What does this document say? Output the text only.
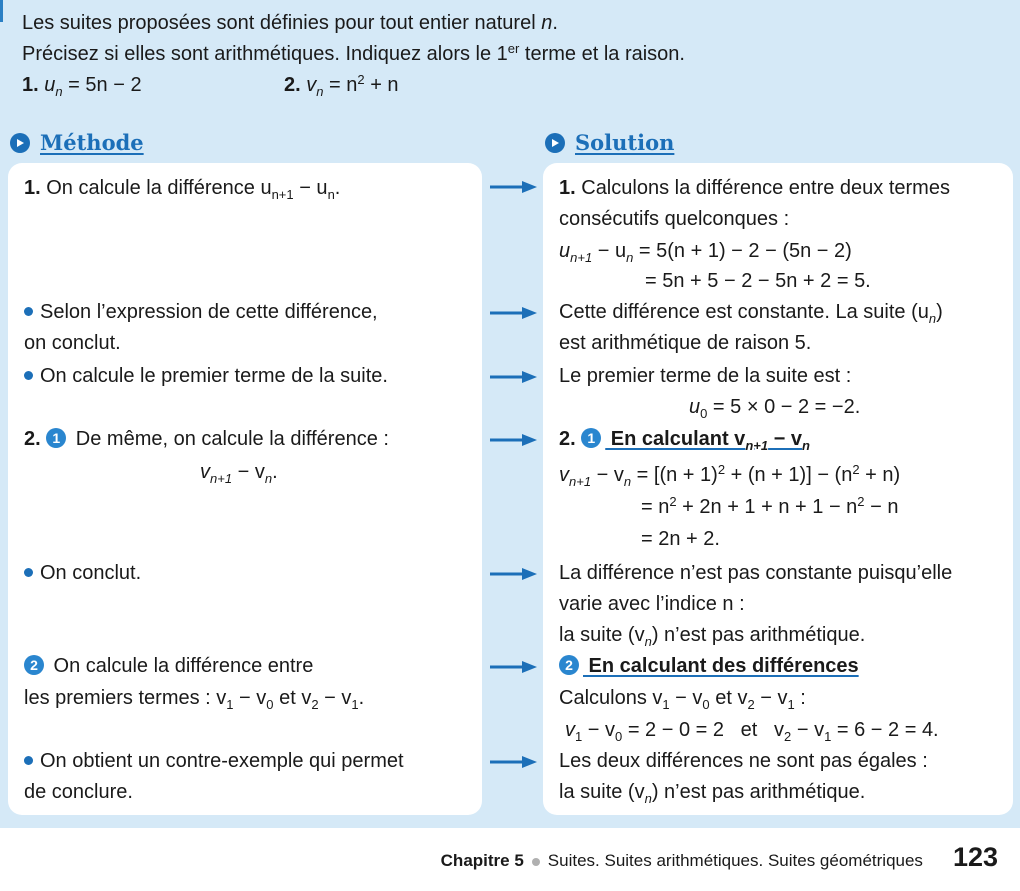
Les suites proposées sont définies pour tout entier naturel n.

Précisez si elles sont arithmétiques. Indiquez alors le 1er terme et la raison.

1. $u_n = 5n - 2$	2. $v_n = n^2 + n$
Méthode	Solution
1. On calcule la différence $u_{n+1} - u_n$.
Selon l’expression de cette différence,
on conclut.
On calcule le premier terme de la suite.
2. 1 De même, on calcule la différence :
$v_{n+1} - v_n$.
On conclut.
2 On calcule la différence entre
les premiers termes : $v_1 - v_0$ et $v_2 - v_1$.
On obtient un contre-exemple qui permet
de conclure.
1. Calculons la différence entre deux termes
consécutifs quelconques :
$u_{n+1} - u_n = 5(n + 1) - 2 - (5n - 2)$
= 5n + 5 − 2 − 5n + 2 = 5.
Cette différence est constante. La suite $(u_n)$
est arithmétique de raison 5.
Le premier terme de la suite est :
$u_0 = 5 \times 0 - 2 = -2$.
2. 1 En calculant $v_{n+1} - v_n$
$v_{n+1} - v_n = [(n + 1)^2 + (n + 1)] - (n^2 + n)$
= $n^2 + 2n + 1 + n + 1 - n^2 - n$
= 2n + 2.
La différence n’est pas constante puisqu’elle
varie avec l’indice n :
la suite $(v_n)$ n’est pas arithmétique.
2 En calculant des différences
Calculons $v_1 - v_0$ et $v_2 - v_1$ :
$v_1 - v_0 = 2 - 0 = 2$   et   $v_2 - v_1 = 6 - 2 = 4$.
Les deux différences ne sont pas égales :
la suite $(v_n)$ n’est pas arithmétique.
Chapitre 5 Suites. Suites arithmétiques. Suites géométriques 123
